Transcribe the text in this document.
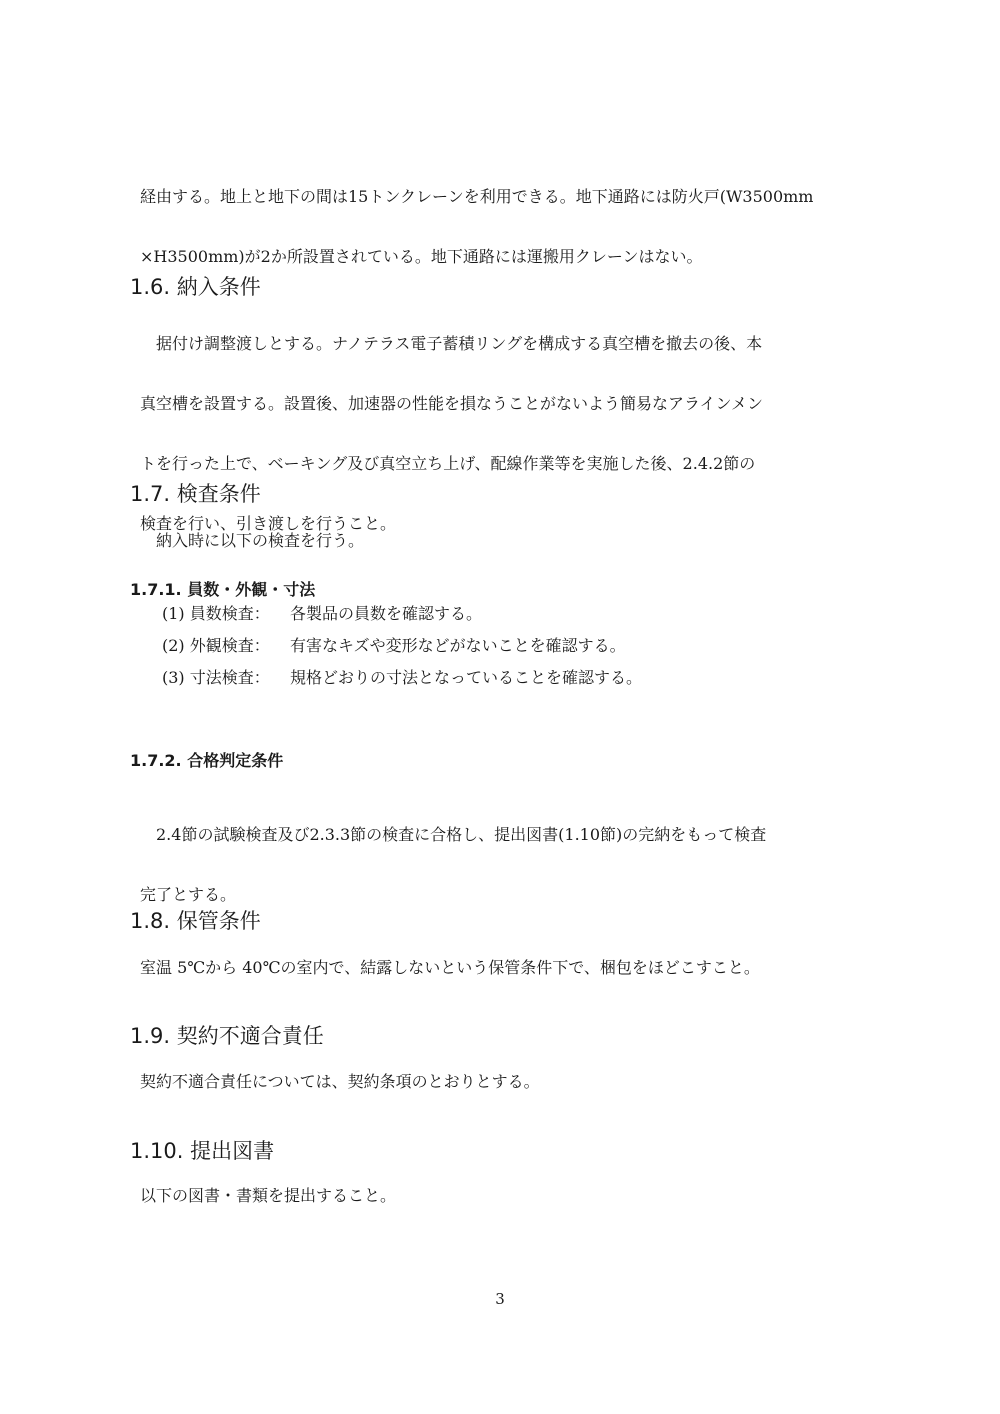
経由する。地上と地下の間は15トンクレーンを利用できる。地下通路には防火戸(W3500mm

×H3500mm)が2か所設置されている。地下通路には運搬用クレーンはない。

1.6. 納入条件

　据付け調整渡しとする。ナノテラス電子蓄積リングを構成する真空槽を撤去の後、本

真空槽を設置する。設置後、加速器の性能を損なうことがないよう簡易なアラインメン

トを行った上で、ベーキング及び真空立ち上げ、配線作業等を実施した後、2.4.2節の

検査を行い、引き渡しを行うこと。

1.7. 検査条件
　納入時に以下の検査を行う。
1.7.1. 員数・外観・寸法
(1) 員数検査： 各製品の員数を確認する。
(2) 外観検査： 有害なキズや変形などがないことを確認する。
(3) 寸法検査： 規格どおりの寸法となっていることを確認する。
1.7.2. 合格判定条件

　2.4節の試験検査及び2.3.3節の検査に合格し、提出図書(1.10節)の完納をもって検査

完了とする。

1.8. 保管条件
室温 5℃から 40℃の室内で、結露しないという保管条件下で、梱包をほどこすこと。
1.9. 契約不適合責任
契約不適合責任については、契約条項のとおりとする。
1.10. 提出図書
以下の図書・書類を提出すること。
3
